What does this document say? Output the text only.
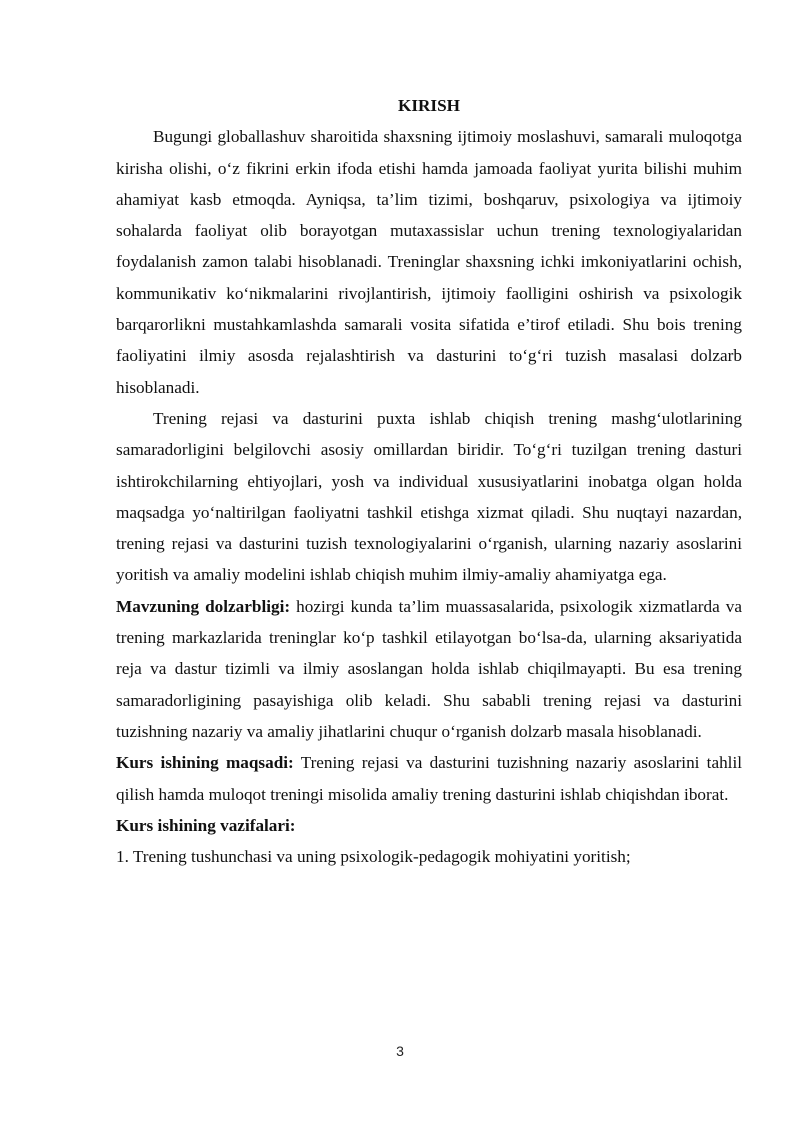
KIRISH

Bugungi globallashuv sharoitida shaxsning ijtimoiy moslashuvi, samarali muloqotga kirisha olishi, o‘z fikrini erkin ifoda etishi hamda jamoada faoliyat yurita bilishi muhim ahamiyat kasb etmoqda. Ayniqsa, ta’lim tizimi, boshqaruv, psixologiya va ijtimoiy sohalarda faoliyat olib borayotgan mutaxassislar uchun trening texnologiyalaridan foydalanish zamon talabi hisoblanadi. Treninglar shaxsning ichki imkoniyatlarini ochish, kommunikativ ko‘nikmalarini rivojlantirish, ijtimoiy faolligini oshirish va psixologik barqarorlikni mustahkamlashda samarali vosita sifatida e’tirof etiladi. Shu bois trening faoliyatini ilmiy asosda rejalashtirish va dasturini to‘g‘ri tuzish masalasi dolzarb hisoblanadi.

Trening rejasi va dasturini puxta ishlab chiqish trening mashg‘ulotlarining samaradorligini belgilovchi asosiy omillardan biridir. To‘g‘ri tuzilgan trening dasturi ishtirokchilarning ehtiyojlari, yosh va individual xususiyatlarini inobatga olgan holda maqsadga yo‘naltirilgan faoliyatni tashkil etishga xizmat qiladi. Shu nuqtayi nazardan, trening rejasi va dasturini tuzish texnologiyalarini o‘rganish, ularning nazariy asoslarini yoritish va amaliy modelini ishlab chiqish muhim ilmiy-amaliy ahamiyatga ega.

Mavzuning dolzarbligi: hozirgi kunda ta’lim muassasalarida, psixologik xizmatlarda va trening markazlarida treninglar ko‘p tashkil etilayotgan bo‘lsa-da, ularning aksariyatida reja va dastur tizimli va ilmiy asoslangan holda ishlab chiqilmayapti. Bu esa trening samaradorligining pasayishiga olib keladi. Shu sababli trening rejasi va dasturini tuzishning nazariy va amaliy jihatlarini chuqur o‘rganish dolzarb masala hisoblanadi.

Kurs ishining maqsadi: Trening rejasi va dasturini tuzishning nazariy asoslarini tahlil qilish hamda muloqot treningi misolida amaliy trening dasturini ishlab chiqishdan iborat.

Kurs ishining vazifalari:

1. Trening tushunchasi va uning psixologik-pedagogik mohiyatini yoritish;

3
